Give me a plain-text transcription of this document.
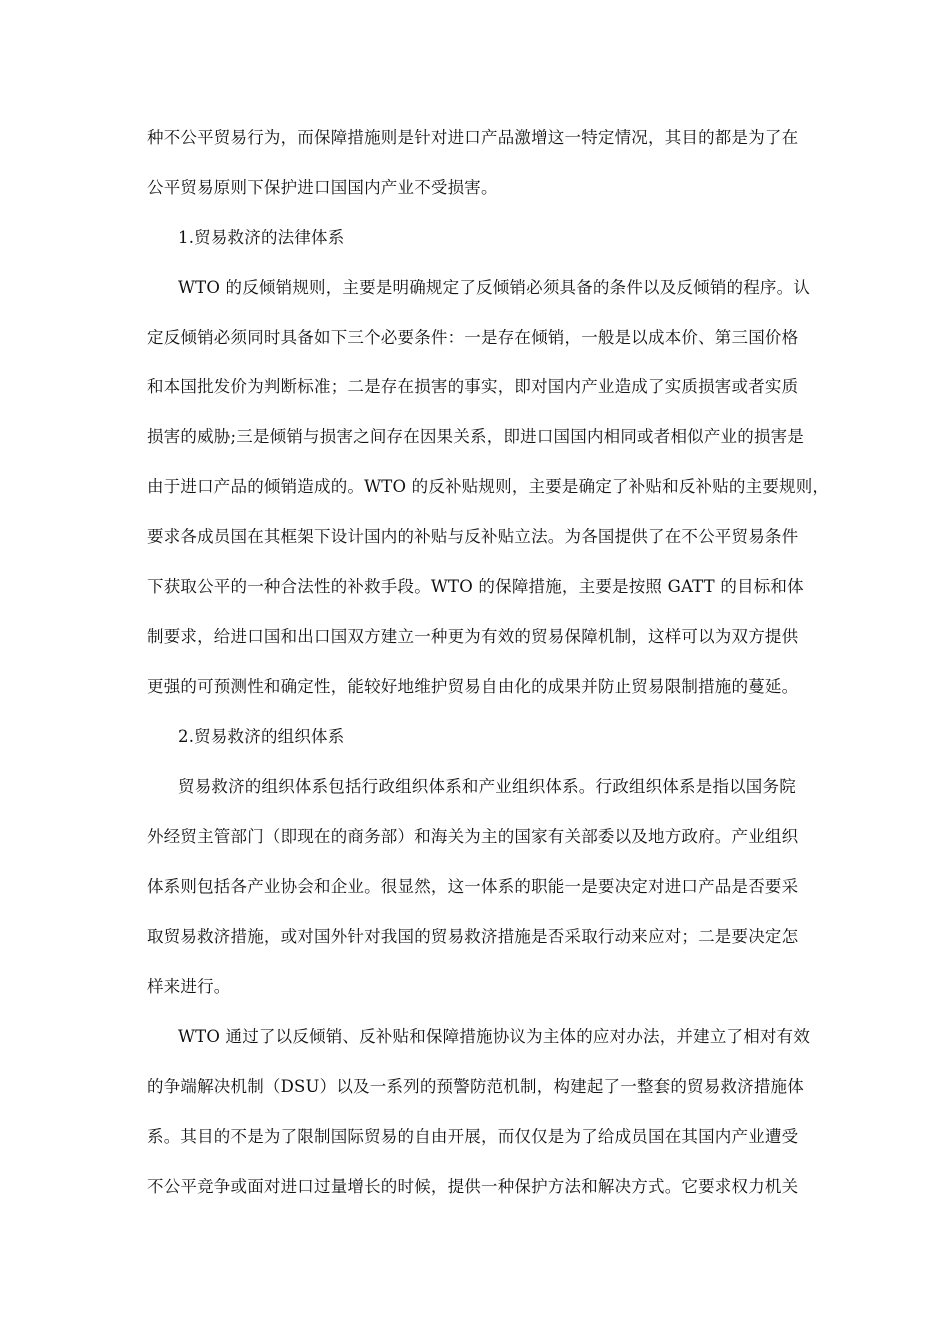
种不公平贸易行为，而保障措施则是针对进口产品激增这一特定情况，其目的都是为了在
公平贸易原则下保护进口国国内产业不受损害。
1.贸易救济的法律体系
WTO 的反倾销规则，主要是明确规定了反倾销必须具备的条件以及反倾销的程序。认
定反倾销必须同时具备如下三个必要条件：一是存在倾销，一般是以成本价、第三国价格
和本国批发价为判断标准；二是存在损害的事实，即对国内产业造成了实质损害或者实质
损害的威胁;三是倾销与损害之间存在因果关系，即进口国国内相同或者相似产业的损害是
由于进口产品的倾销造成的。WTO 的反补贴规则，主要是确定了补贴和反补贴的主要规则，
要求各成员国在其框架下设计国内的补贴与反补贴立法。为各国提供了在不公平贸易条件
下获取公平的一种合法性的补救手段。WTO 的保障措施，主要是按照 GATT 的目标和体
制要求，给进口国和出口国双方建立一种更为有效的贸易保障机制，这样可以为双方提供
更强的可预测性和确定性，能较好地维护贸易自由化的成果并防止贸易限制措施的蔓延。
2.贸易救济的组织体系
贸易救济的组织体系包括行政组织体系和产业组织体系。行政组织体系是指以国务院
外经贸主管部门（即现在的商务部）和海关为主的国家有关部委以及地方政府。产业组织
体系则包括各产业协会和企业。很显然，这一体系的职能一是要决定对进口产品是否要采
取贸易救济措施，或对国外针对我国的贸易救济措施是否采取行动来应对；二是要决定怎
样来进行。
WTO 通过了以反倾销、反补贴和保障措施协议为主体的应对办法，并建立了相对有效
的争端解决机制（DSU）以及一系列的预警防范机制，构建起了一整套的贸易救济措施体
系。其目的不是为了限制国际贸易的自由开展，而仅仅是为了给成员国在其国内产业遭受
不公平竞争或面对进口过量增长的时候，提供一种保护方法和解决方式。它要求权力机关
